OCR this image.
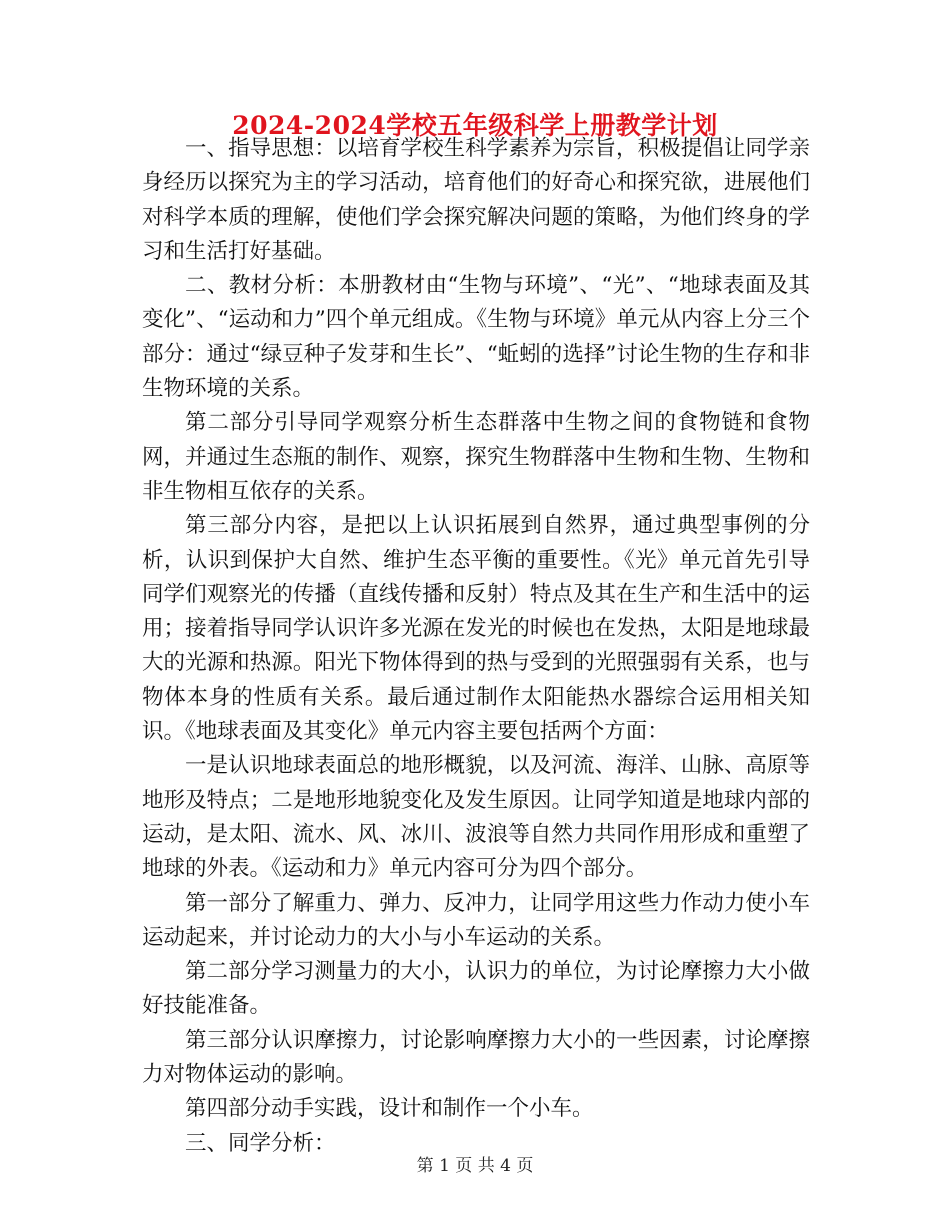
2024-2024学校五年级科学上册教学计划

一、指导思想：以培育学校生科学素养为宗旨，积极提倡让同学亲身经历以探究为主的学习活动，培育他们的好奇心和探究欲，进展他们对科学本质的理解，使他们学会探究解决问题的策略，为他们终身的学习和生活打好基础。

二、教材分析：本册教材由“生物与环境”、“光”、“地球表面及其变化”、“运动和力”四个单元组成。《生物与环境》单元从内容上分三个部分：通过“绿豆种子发芽和生长”、“蚯蚓的选择”讨论生物的生存和非生物环境的关系。

第二部分引导同学观察分析生态群落中生物之间的食物链和食物网，并通过生态瓶的制作、观察，探究生物群落中生物和生物、生物和非生物相互依存的关系。

第三部分内容，是把以上认识拓展到自然界，通过典型事例的分析，认识到保护大自然、维护生态平衡的重要性。《光》单元首先引导同学们观察光的传播（直线传播和反射）特点及其在生产和生活中的运用；接着指导同学认识许多光源在发光的时候也在发热，太阳是地球最大的光源和热源。阳光下物体得到的热与受到的光照强弱有关系，也与物体本身的性质有关系。最后通过制作太阳能热水器综合运用相关知识。《地球表面及其变化》单元内容主要包括两个方面：

一是认识地球表面总的地形概貌，以及河流、海洋、山脉、高原等地形及特点；二是地形地貌变化及发生原因。让同学知道是地球内部的运动，是太阳、流水、风、冰川、波浪等自然力共同作用形成和重塑了地球的外表。《运动和力》单元内容可分为四个部分。

第一部分了解重力、弹力、反冲力，让同学用这些力作动力使小车运动起来，并讨论动力的大小与小车运动的关系。

第二部分学习测量力的大小，认识力的单位，为讨论摩擦力大小做好技能准备。

第三部分认识摩擦力，讨论影响摩擦力大小的一些因素，讨论摩擦力对物体运动的影响。

第四部分动手实践，设计和制作一个小车。

三、同学分析：

第 1 页 共 4 页
